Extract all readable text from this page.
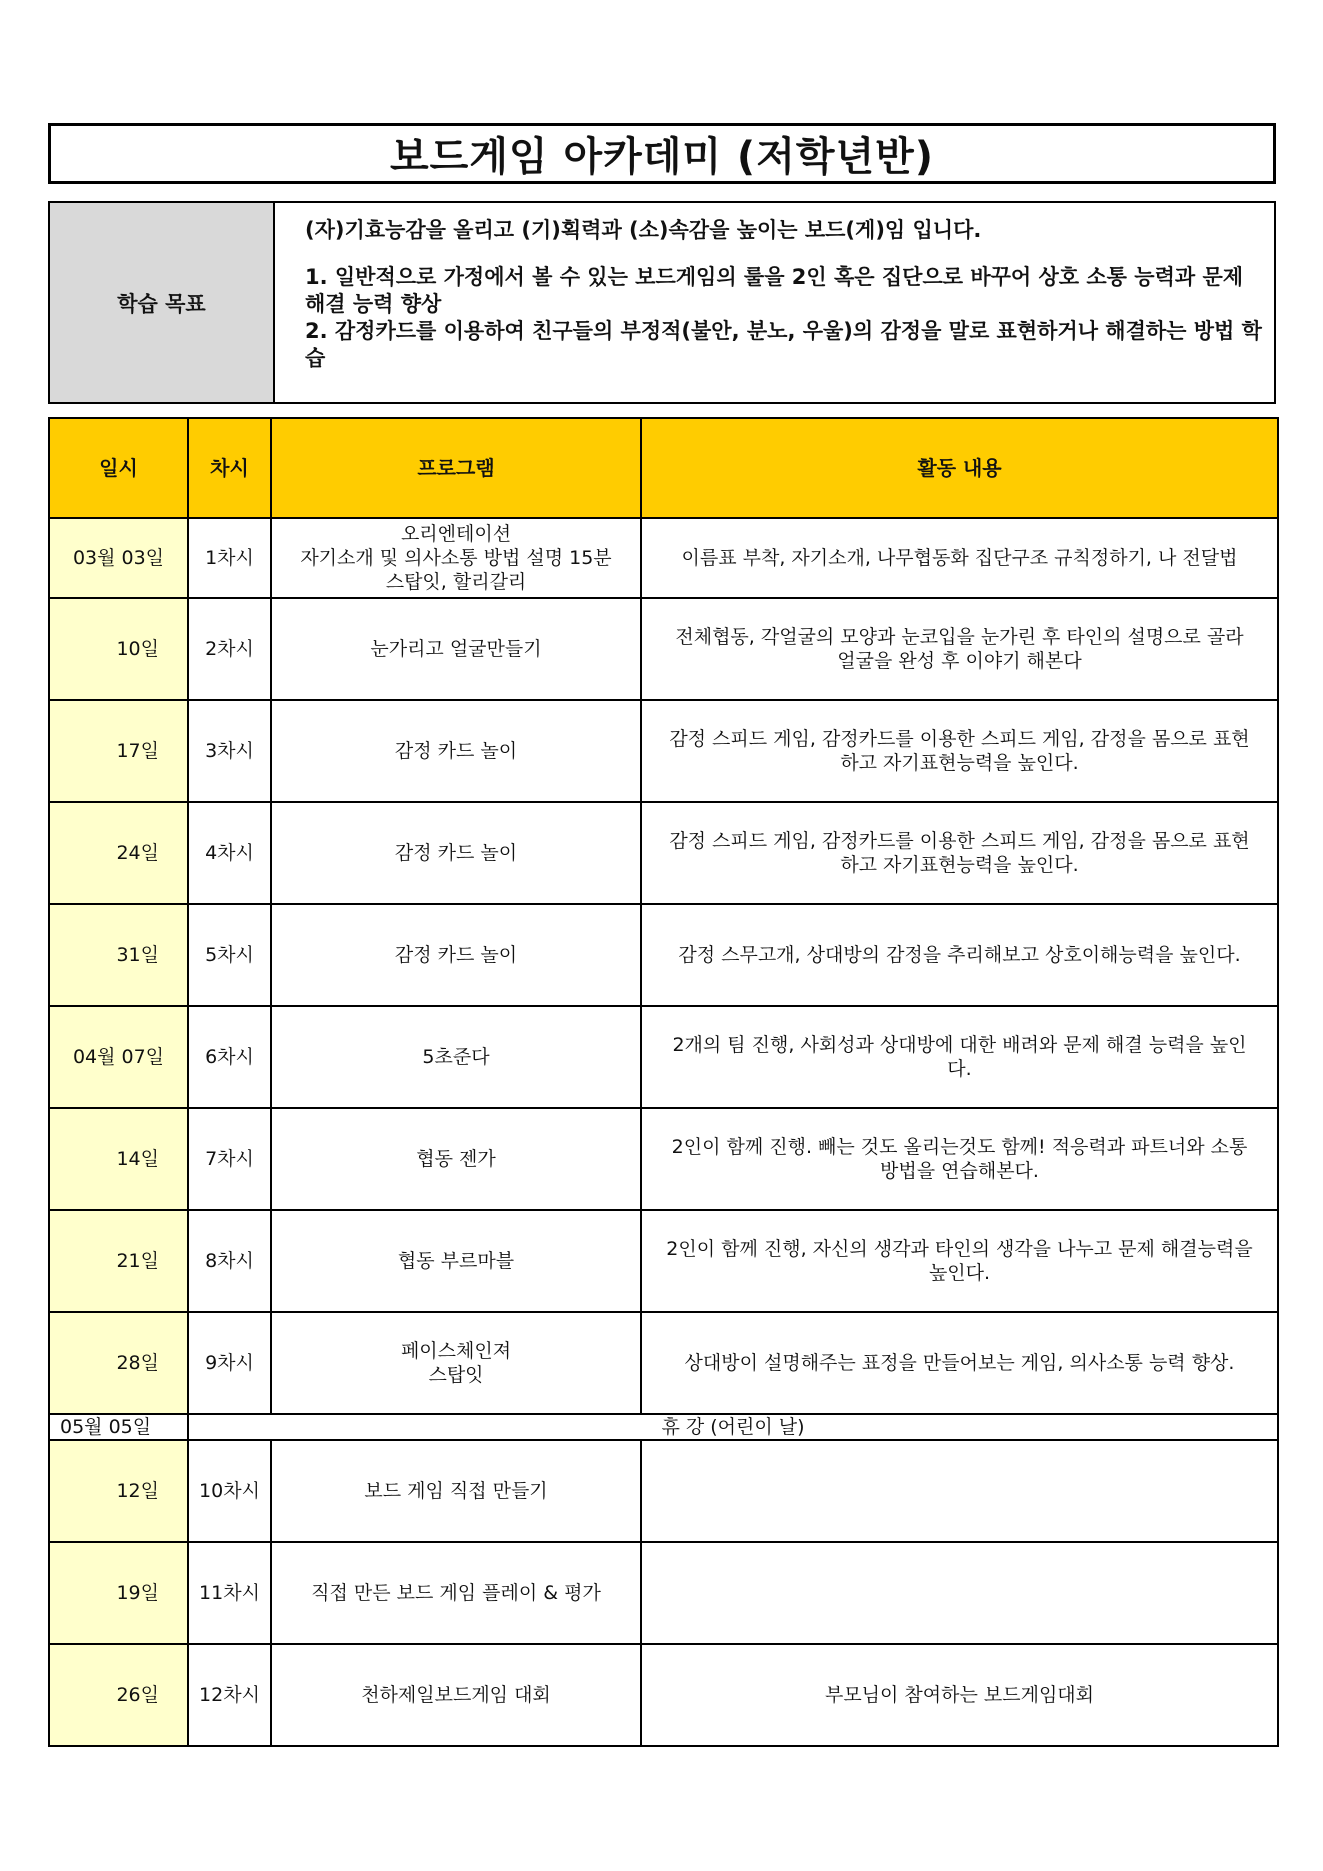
보드게임 아카데미 (저학년반)
학습 목표
(자)기효능감을 올리고 (기)획력과 (소)속감을 높이는 보드(게)임 입니다.
1. 일반적으로 가정에서 볼 수 있는 보드게임의 룰을 2인 혹은 집단으로 바꾸어 상호 소통 능력과 문제 해결 능력 향상
2. 감정카드를 이용하여 친구들의 부정적(불안, 분노, 우울)의 감정을 말로 표현하거나 해결하는 방법 학습
일시	차시	프로그램	활동 내용
03월 03일	1차시	오리엔테이션
자기소개 및 의사소통 방법 설명 15분
스탑잇, 할리갈리	이름표 부착, 자기소개, 나무협동화 집단구조 규칙정하기, 나 전달법
10일	2차시	눈가리고 얼굴만들기	전체협동, 각얼굴의 모양과 눈코입을 눈가린 후 타인의 설명으로 골라
얼굴을 완성 후 이야기 해본다
17일	3차시	감정 카드 놀이	감정 스피드 게임, 감정카드를 이용한 스피드 게임, 감정을 몸으로 표현
하고 자기표현능력을 높인다.
24일	4차시	감정 카드 놀이	감정 스피드 게임, 감정카드를 이용한 스피드 게임, 감정을 몸으로 표현
하고 자기표현능력을 높인다.
31일	5차시	감정 카드 놀이	감정 스무고개, 상대방의 감정을 추리해보고 상호이해능력을 높인다.
04월 07일	6차시	5초준다	2개의 팀 진행, 사회성과 상대방에 대한 배려와 문제 해결 능력을 높인
다.
14일	7차시	협동 젠가	2인이 함께 진행. 빼는 것도 올리는것도 함께! 적응력과 파트너와 소통
방법을 연습해본다.
21일	8차시	협동 부르마블	2인이 함께 진행, 자신의 생각과 타인의 생각을 나누고 문제 해결능력을
높인다.
28일	9차시	페이스체인져
스탑잇	상대방이 설명해주는 표정을 만들어보는 게임, 의사소통 능력 향상.
05월 05일	휴 강 (어린이 날)		
12일	10차시	보드 게임 직접 만들기	
19일	11차시	직접 만든 보드 게임 플레이 & 평가	
26일	12차시	천하제일보드게임 대회	부모님이 참여하는 보드게임대회
